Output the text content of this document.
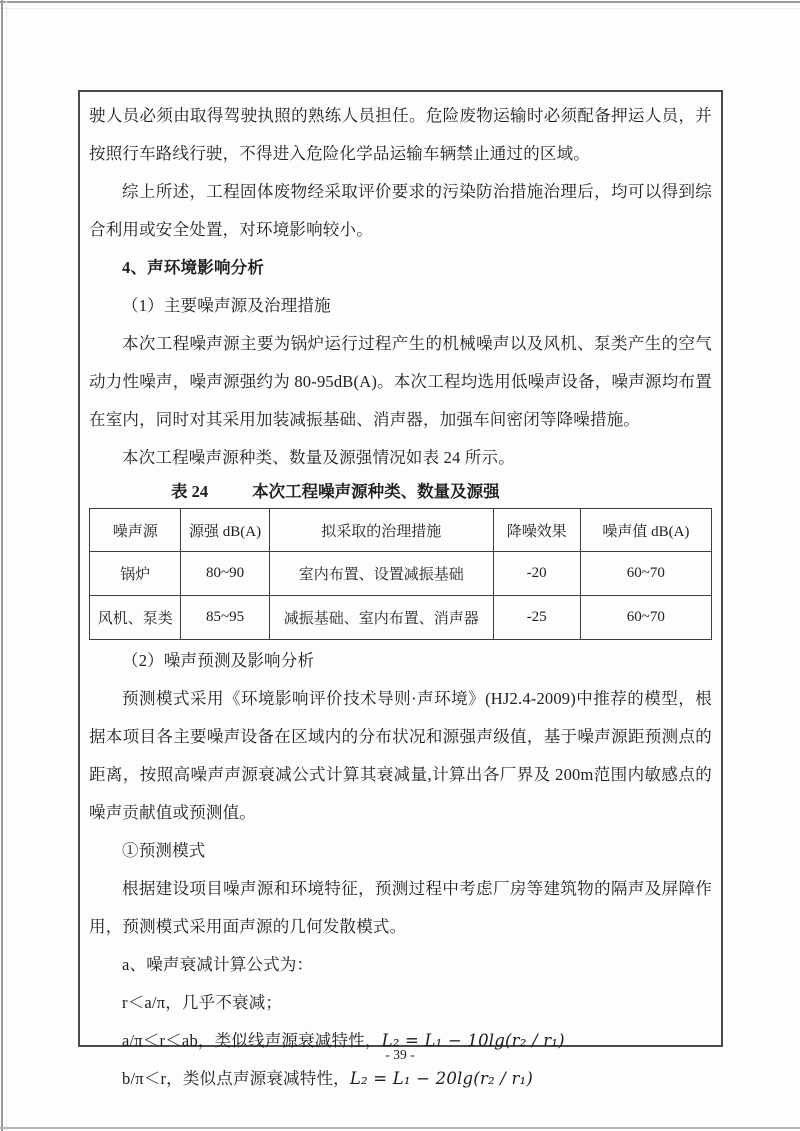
驶人员必须由取得驾驶执照的熟练人员担任。危险废物运输时必须配备押运人员，并按照行车路线行驶，不得进入危险化学品运输车辆禁止通过的区域。

综上所述，工程固体废物经采取评价要求的污染防治措施治理后，均可以得到综合利用或安全处置，对环境影响较小。

4、声环境影响分析

（1）主要噪声源及治理措施

本次工程噪声源主要为锅炉运行过程产生的机械噪声以及风机、泵类产生的空气动力性噪声，噪声源强约为 80-95dB(A)。本次工程均选用低噪声设备，噪声源均布置在室内，同时对其采用加装减振基础、消声器，加强车间密闭等降噪措施。

本次工程噪声源种类、数量及源强情况如表 24 所示。

表 24	本次工程噪声源种类、数量及源强
噪声源	源强 dB(A)	拟采取的治理措施	降噪效果	噪声值 dB(A)
锅炉	80~90	室内布置、设置减振基础	-20	60~70
风机、泵类	85~95	减振基础、室内布置、消声器	-25	60~70

（2）噪声预测及影响分析

预测模式采用《环境影响评价技术导则·声环境》(HJ2.4-2009)中推荐的模型，根据本项目各主要噪声设备在区域内的分布状况和源强声级值，基于噪声源距预测点的距离，按照高噪声声源衰减公式计算其衰减量,计算出各厂界及 200m范围内敏感点的噪声贡献值或预测值。

①预测模式

根据建设项目噪声源和环境特征，预测过程中考虑厂房等建筑物的隔声及屏障作用，预测模式采用面声源的几何发散模式。

a、噪声衰减计算公式为：

r＜a/π，几乎不衰减；

a/π＜r＜ab，类似线声源衰减特性，L₂ = L₁ − 10lg(r₂ / r₁)

b/π＜r，类似点声源衰减特性，L₂ = L₁ − 20lg(r₂ / r₁)

- 39 -
